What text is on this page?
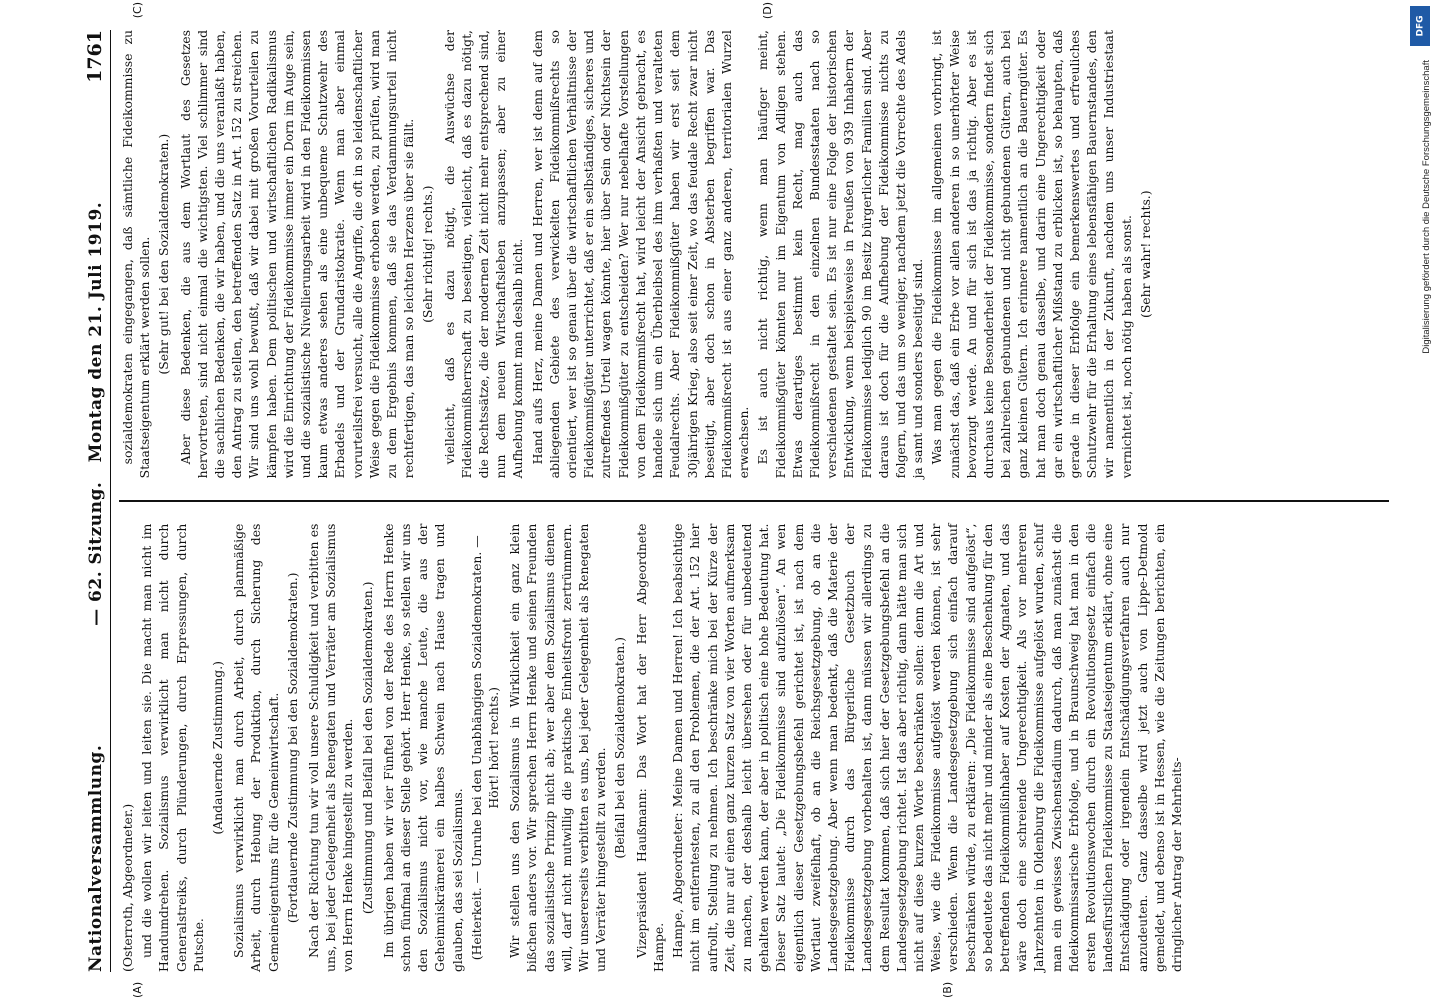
Nationalversammlung.
— 62. Sitzung.   Montag den 21. Juli 1919.
1761
(A)	(B)

(Osterroth, Abgeordneter.) und die wollen wir leiten und leiten sie. Die macht man nicht im Handumdrehen. Sozialismus verwirklicht man nicht durch Generalstreiks, durch Plünderungen, durch Erpressungen, durch Putsche.

(Andauernde Zustimmung.) Sozialismus verwirklicht man durch Arbeit, durch planmäßige Arbeit, durch Hebung der Produktion, durch Sicherung des Gemeineigentums für die Gemeinwirtschaft. (Fortdauernde Zustimmung bei den Sozialdemokraten.) Nach der Richtung tun wir voll unsere Schuldigkeit und verbitten es uns, bei jeder Gelegenheit als Renegaten und Verräter am Sozialismus von Herrn Henke hingestellt zu werden. (Zustimmung und Beifall bei den Sozialdemokraten.) Im übrigen haben wir vier Fünftel von der Rede des Herrn Henke schon fünfmal an dieser Stelle gehört. Herr Henke, so stellen wir uns den Sozialismus nicht vor, wie manche Leute, die aus der Geheimniskrämerei ein halbes Schwein nach Hause tragen und glauben, das sei Sozialismus. (Heiterkeit. — Unruhe bei den Unabhängigen Sozialdemokraten. — Hört! hört! rechts.) Wir stellen uns den Sozialismus in Wirklichkeit ein ganz klein bißchen anders vor. Wir sprechen Herrn Henke und seinen Freunden das sozialistische Prinzip nicht ab; wer aber dem Sozialismus dienen will, darf nicht mutwillig die praktische Einheitsfront zertrümmern. Wir unsererseits verbitten es uns, bei jeder Gelegenheit als Renegaten und Verräter hingestellt zu werden. (Beifall bei den Sozialdemokraten.) Vizepräsident Haußmann: Das Wort hat der Herr Abgeordnete Hampe. Hampe, Abgeordneter: Meine Damen und Herren! Ich beabsichtige nicht im entferntesten, zu all den Problemen, die der Art. 152 hier aufrollt, Stellung zu nehmen. Ich beschränke mich bei der Kürze der Zeit, die nur auf einen ganz kurzen Satz von vier Worten aufmerksam zu machen, der deshalb leicht übersehen oder für unbedeutend gehalten werden kann, der aber in politisch eine hohe Bedeutung hat. Dieser Satz lautet: „Die Fideikommisse sind aufzulösen“. An wen eigentlich dieser Gesetzgebungsbefehl gerichtet ist, ist nach dem Wortlaut zweifelhaft, ob an die Reichsgesetzgebung, ob an die Landesgesetzgebung. Aber wenn man bedenkt, daß die Materie der Fideikommisse durch das Bürgerliche Gesetzbuch der Landesgesetzgebung vorbehalten ist, dann müssen wir allerdings zu dem Resultat kommen, daß sich hier der Gesetzgebungsbefehl an die Landesgesetzgebung richtet. Ist das aber richtig, dann hätte man sich nicht auf diese kurzen Worte beschränken sollen: denn die Art und Weise, wie die Fideikommisse aufgelöst werden können, ist sehr verschieden. Wenn die Landesgesetzgebung sich einfach darauf beschränken würde, zu erklären: „Die Fideikommisse sind aufgelöst“, so bedeutete das nicht mehr und minder als eine Beschenkung für den betreffenden Fideikommißinhaber auf Kosten der Agnaten, und das wäre doch eine schreiende Ungerechtigkeit. Als vor mehreren Jahrzehnten in Oldenburg die Fideikommisse aufgelöst wurden, schuf man ein gewisses Zwischenstadium dadurch, daß man zunächst die fideikommissarische Erbfolge, und in Braunschweig hat man in den ersten Revolutionswochen durch ein Revolutionsgesetz einfach die landesfürstlichen Fideikommisse zu Staatseigentum erklärt, ohne eine Entschädigung oder irgendein Entschädigungsverfahren auch nur anzudeuten. Ganz dasselbe wird jetzt auch von Lippe-Detmold gemeldet, und ebenso ist in Hessen, wie die Zeitungen berichten, ein dringlicher Antrag der Mehrheits-

(C)	(D)

sozialdemokraten eingegangen, daß sämtliche Fideikommisse zu Staatseigentum erklärt werden sollen. (Sehr gut! bei den Sozialdemokraten.) Aber diese Bedenken, die aus dem Wortlaut des Gesetzes hervortreten, sind nicht einmal die wichtigsten. Viel schlimmer sind die sachlichen Bedenken, die wir haben, und die uns veranlaßt haben, den Antrag zu stellen, den betreffenden Satz in Art. 152 zu streichen. Wir sind uns wohl bewußt, daß wir dabei mit großen Vorurteilen zu kämpfen haben. Dem politischen und wirtschaftlichen Radikalismus wird die Einrichtung der Fideikommisse immer ein Dorn im Auge sein, und die sozialistische Nivellierungsarbeit wird in den Fideikommissen kaum etwas anderes sehen als eine unbequeme Schutzwehr des Erbadels und der Grundaristokratie. Wenn man aber einmal vorurteilsfrei versucht, alle die Angriffe, die oft in so leidenschaftlicher Weise gegen die Fideikommisse erhoben werden, zu prüfen, wird man zu dem Ergebnis kommen, daß sie das Verdammungsurteil nicht rechtfertigen, das man so leichten Herzens über sie fällt. (Sehr richtig! rechts.) vielleicht, daß es dazu nötigt, die Auswüchse der Fideikommißherrschaft zu beseitigen, vielleicht, daß es dazu nötigt, die Rechtssätze, die der modernen Zeit nicht mehr entsprechend sind, nun dem neuen Wirtschaftsleben anzupassen; aber zu einer Aufhebung kommt man deshalb nicht. Hand aufs Herz, meine Damen und Herren, wer ist denn auf dem abliegenden Gebiete des verwickelten Fideikommißrechts so orientiert, wer ist so genau über die wirtschaftlichen Verhältnisse der Fideikommißgüter unterrichtet, daß er ein selbständiges, sicheres und zutreffendes Urteil wagen könnte, hier über Sein oder Nichtsein der Fideikommißgüter zu entscheiden? Wer nur nebelhafte Vorstellungen von dem Fideikommißrecht hat, wird leicht der Ansicht gebracht, es handele sich um ein Überbleibsel des ihm verhaßten und veralteten Feudalrechts. Aber Fideikommißgüter haben wir erst seit dem 30jährigen Krieg, also seit einer Zeit, wo das feudale Recht zwar nicht beseitigt, aber doch schon in Absterben begriffen war. Das Fideikommißrecht ist aus einer ganz anderen, territorialen Wurzel erwachsen. Es ist auch nicht richtig, wenn man häufiger meint, Fideikommißgüter könnten nur im Eigentum von Adligen stehen. Etwas derartiges bestimmt kein Recht, mag auch das Fideikommißrecht in den einzelnen Bundesstaaten nach so verschiedenen gestaltet sein. Es ist nur eine Folge der historischen Entwicklung, wenn beispielsweise in Preußen von 939 Inhabern der Fideikommisse lediglich 90 im Besitz bürgerlicher Familien sind. Aber daraus ist doch für die Aufhebung der Fideikommisse nichts zu folgern, und das um so weniger, nachdem jetzt die Vorrechte des Adels ja samt und sonders beseitigt sind. Was man gegen die Fideikommisse im allgemeinen vorbringt, ist zunächst das, daß ein Erbe vor allen anderen in so unerhörter Weise bevorzugt werde. An und für sich ist das ja richtig. Aber es ist durchaus keine Besonderheit der Fideikommisse, sondern findet sich bei zahlreichen gebundenen und nicht gebundenen Gütern, auch bei ganz kleinen Gütern. Ich erinnere namentlich an die Bauerngüter. Es hat man doch genau dasselbe, und darin eine Ungerechtigkeit oder gar ein wirtschaftlicher Mißstand zu erblicken ist, so behaupten, daß gerade in dieser Erbfolge ein bemerkenswertes und erfreuliches Schutzwehr für die Erhaltung eines lebensfähigen Bauernstandes, den wir namentlich in der Zukunft, nachdem uns unser Industriestaat vernichtet ist, noch nötig haben als sonst. (Sehr wahr! rechts.)

DFG
Digitalisierung gefördert durch die Deutsche Forschungsgemeinschaft
